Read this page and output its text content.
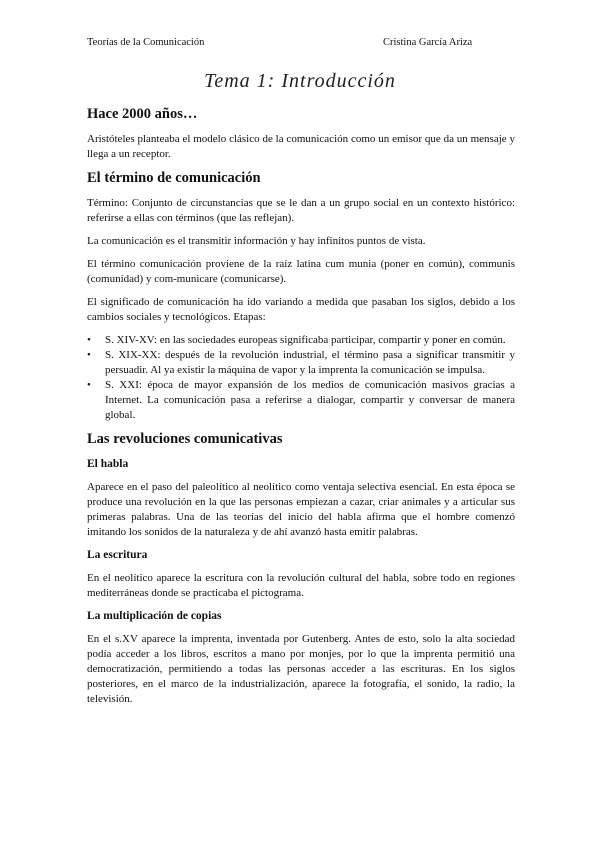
Teorías de la Comunicación	Cristina García Ariza
Tema 1: Introducción
Hace 2000 años…

Aristóteles planteaba el modelo clásico de la comunicación como un emisor que da un mensaje y llega a un receptor.

El término de comunicación

Término: Conjunto de circunstancias que se le dan a un grupo social en un contexto histórico: referirse a ellas con términos (que las reflejan).

La comunicación es el transmitir información y hay infinitos puntos de vista.

El término comunicación proviene de la raíz latina cum munia (poner en común), communis (comunidad) y com-municare (comunicarse).

El significado de comunicación ha ido variando a medida que pasaban los siglos, debido a los cambios sociales y tecnológicos. Etapas:

• S. XIV-XV: en las sociedades europeas significaba participar, compartir y poner en común.
• S. XIX-XX: después de la revolución industrial, el término pasa a significar transmitir y persuadir. Al ya existir la máquina de vapor y la imprenta la comunicación se impulsa.
• S. XXI: época de mayor expansión de los medios de comunicación masivos gracias a Internet. La comunicación pasa a referirse a dialogar, compartir y conversar de manera global.
Las revoluciones comunicativas
El habla

Aparece en el paso del paleolítico al neolítico como ventaja selectiva esencial. En esta época se produce una revolución en la que las personas empiezan a cazar, criar animales y a articular sus primeras palabras. Una de las teorías del inicio del habla afirma que el hombre comenzó imitando los sonidos de la naturaleza y de ahí avanzó hasta emitir palabras.

La escritura

En el neolítico aparece la escritura con la revolución cultural del habla, sobre todo en regiones mediterráneas donde se practicaba el pictograma.

La multiplicación de copias

En el s.XV aparece la imprenta, inventada por Gutenberg. Antes de esto, solo la alta sociedad podía acceder a los libros, escritos a mano por monjes, por lo que la imprenta permitió una democratización, permitiendo a todas las personas acceder a las escrituras. En los siglos posteriores, en el marco de la industrialización, aparece la fotografía, el sonido, la radio, la televisión.
